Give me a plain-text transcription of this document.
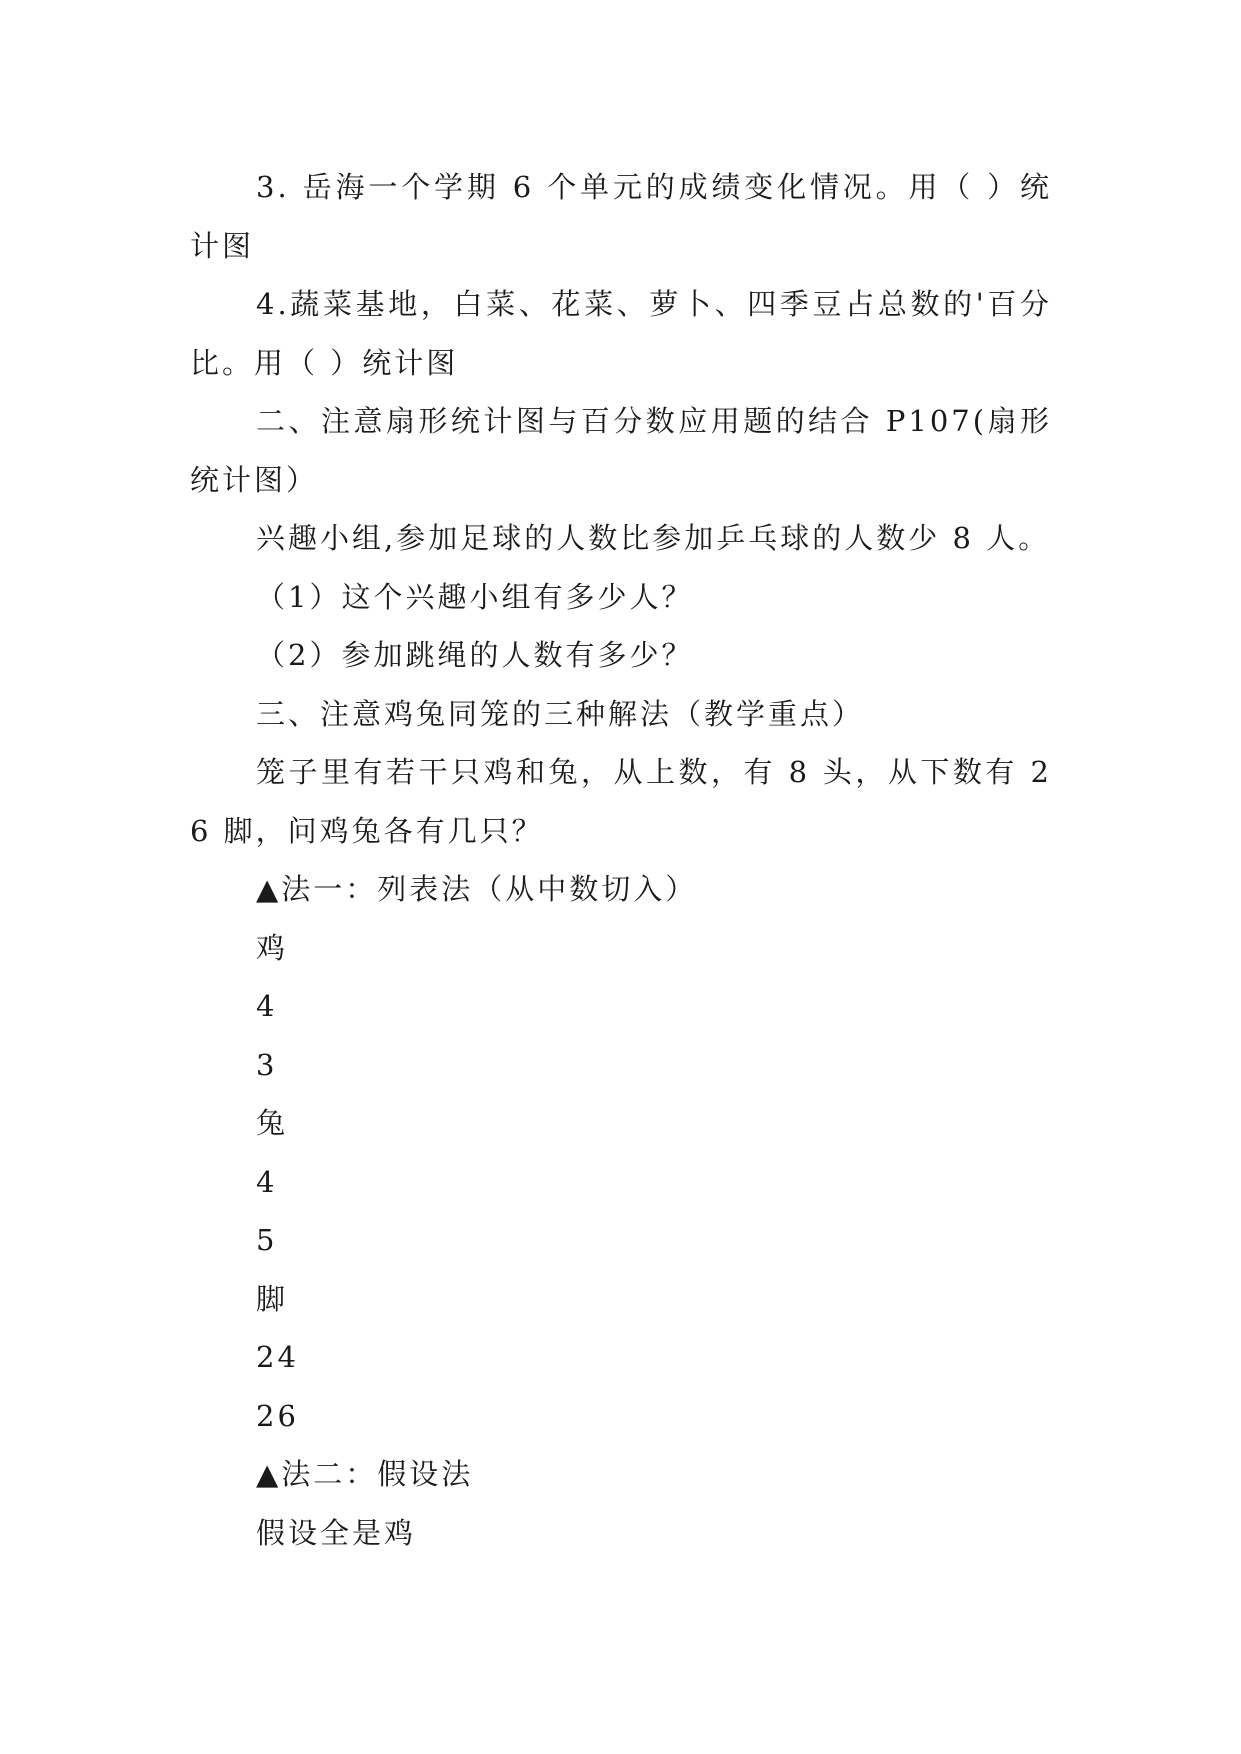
3. 岳海一个学期 6 个单元的成绩变化情况。用（ ）统计图

4.蔬菜基地，白菜、花菜、萝卜、四季豆占总数的'百分比。用（ ）统计图

二、注意扇形统计图与百分数应用题的结合 P107(扇形统计图）

兴趣小组,参加足球的人数比参加乒乓球的人数少 8 人。

（1）这个兴趣小组有多少人？

（2）参加跳绳的人数有多少？

三、注意鸡兔同笼的三种解法（教学重点）

笼子里有若干只鸡和兔，从上数，有 8 头，从下数有 26 脚，问鸡兔各有几只？

▲法一：列表法（从中数切入）

鸡

4

3

兔

4

5

脚

24

26

▲法二：假设法

假设全是鸡
